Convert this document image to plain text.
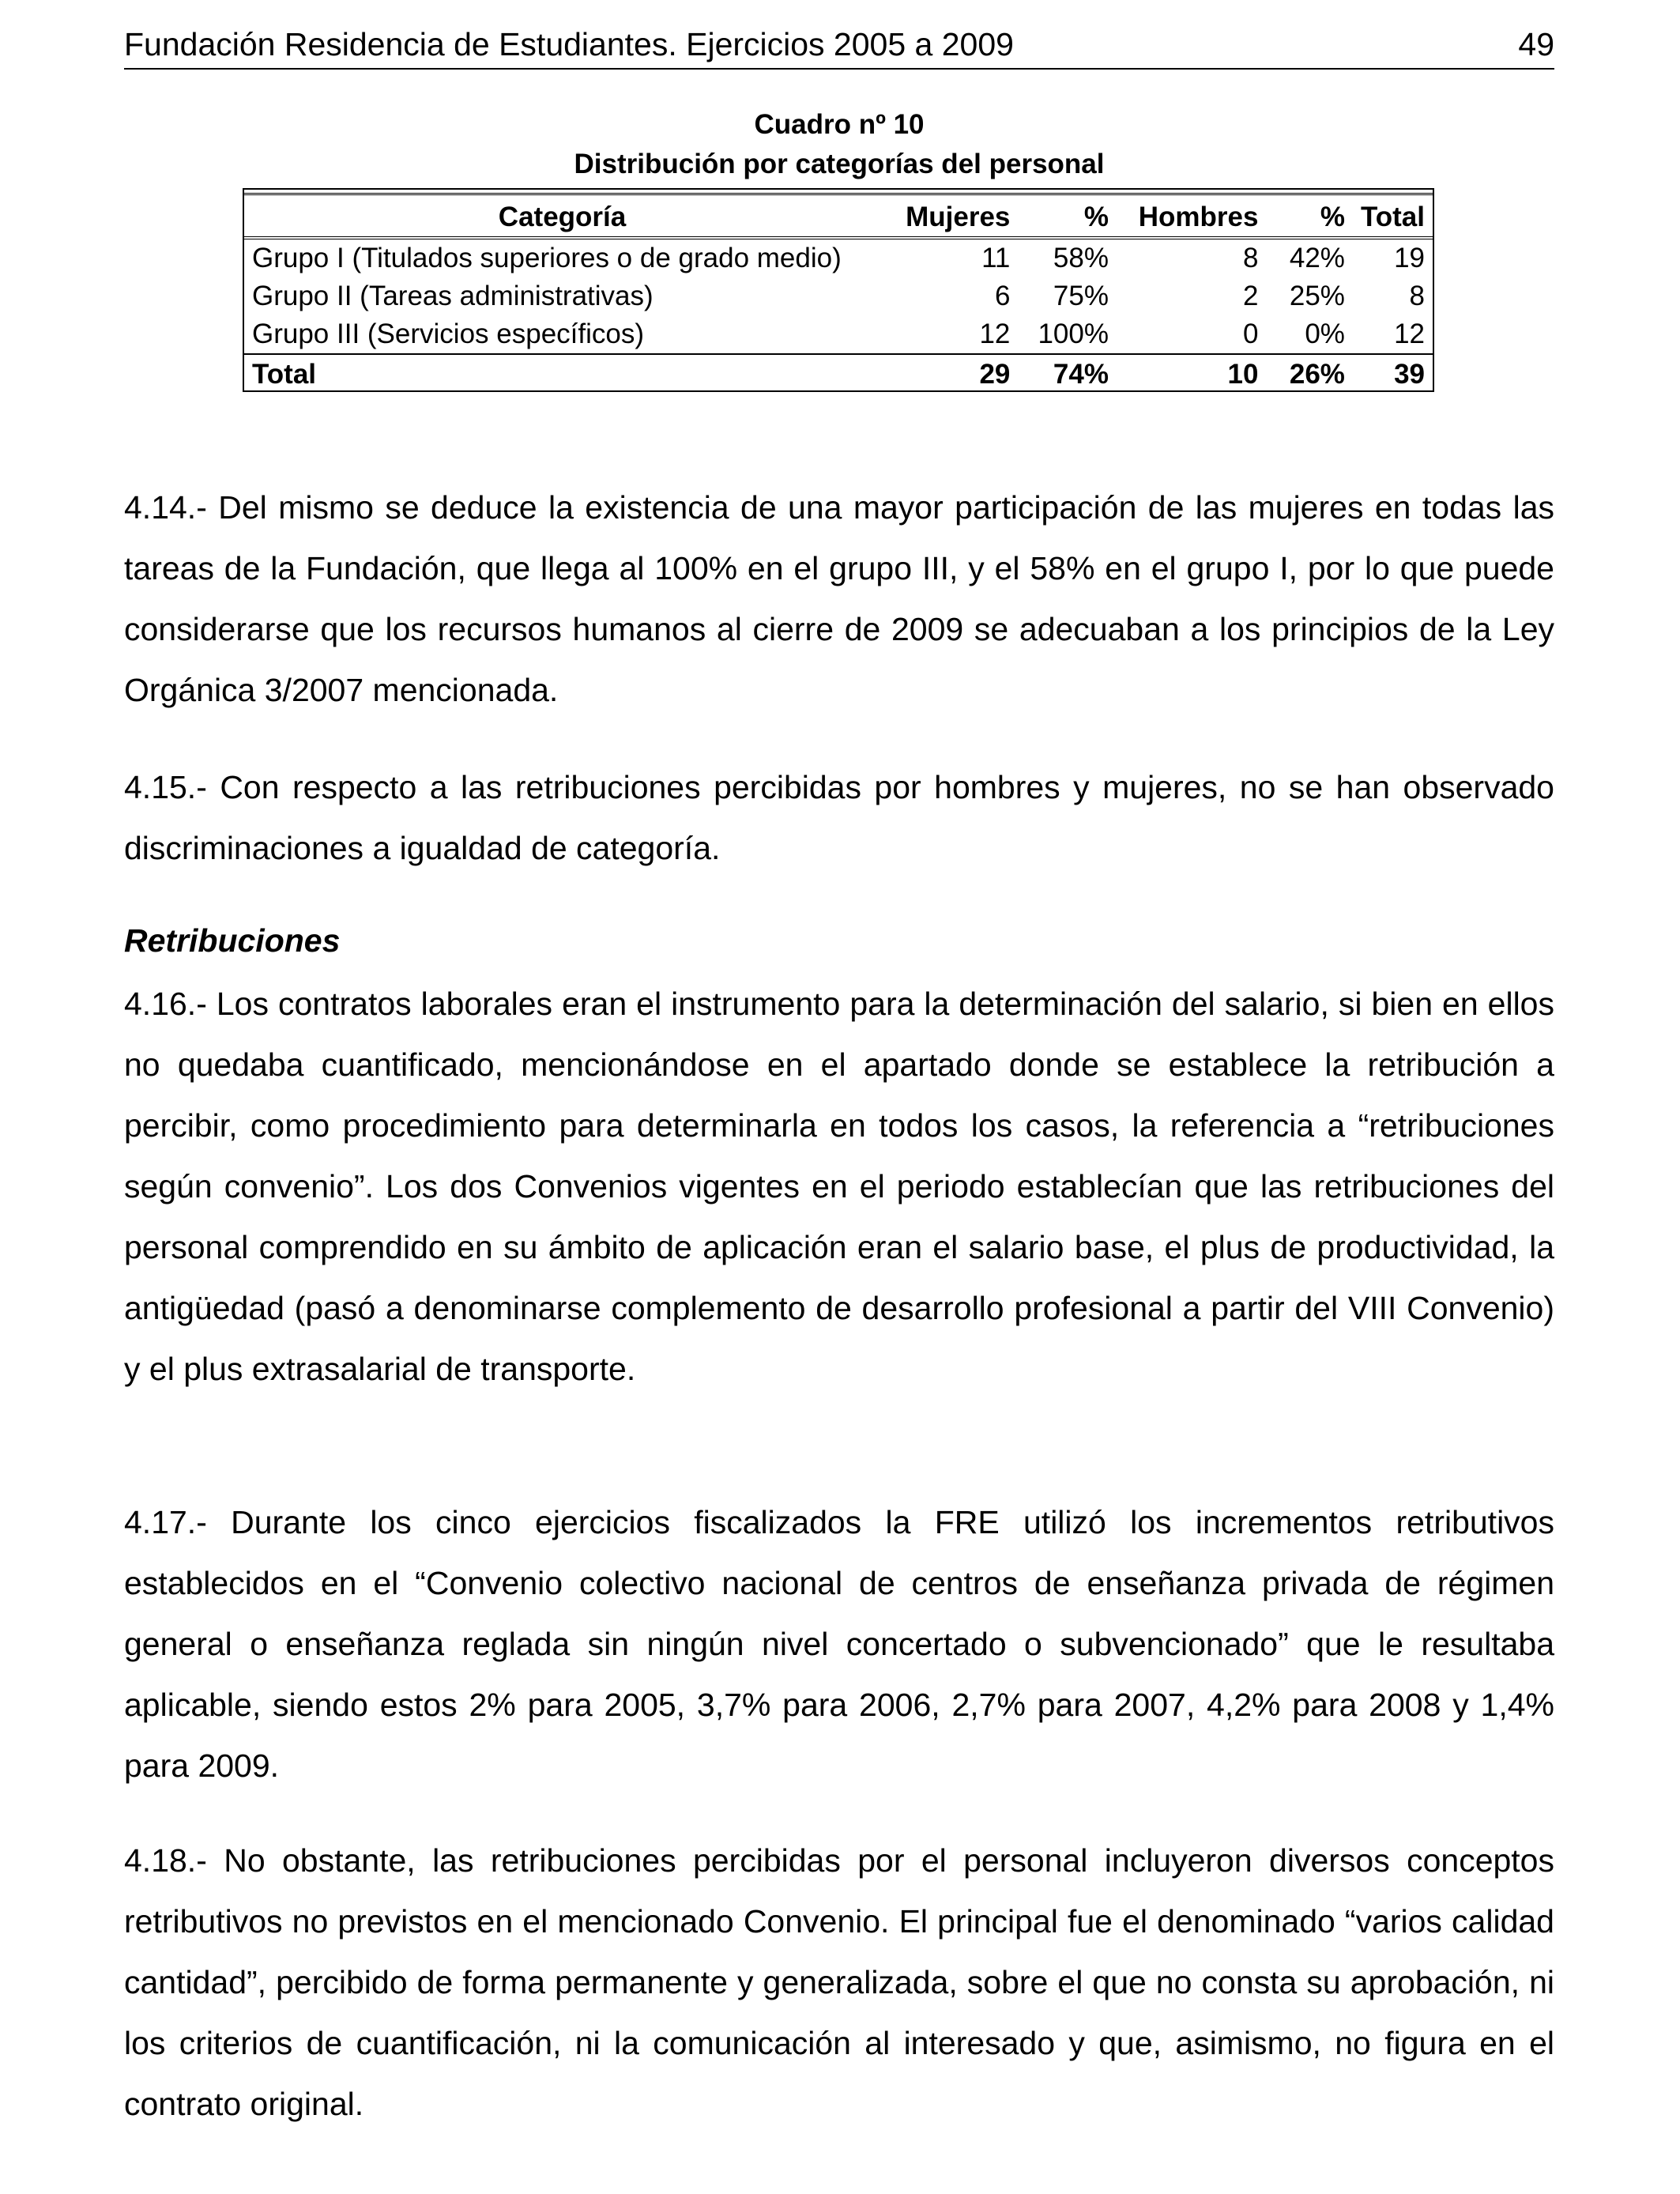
Fundación Residencia de Estudiantes. Ejercicios 2005 a 2009	49
Cuadro nº 10
Distribución por categorías del personal

Categoría	Mujeres	%	Hombres	%	Total
Grupo I (Titulados superiores o de grado medio)	11	58%	8	42%	19
Grupo II (Tareas administrativas)	6	75%	2	25%	8
Grupo III (Servicios específicos)	12	100%	0	0%	12
Total	29	74%	10	26%	39

4.14.- Del mismo se deduce la existencia de una mayor participación de las mujeres en todas las tareas de la Fundación, que llega al 100% en el grupo III, y el 58% en el grupo I, por lo que puede considerarse que los recursos humanos al cierre de 2009 se adecuaban a los principios de la Ley Orgánica 3/2007 mencionada.

4.15.- Con respecto a las retribuciones percibidas por hombres y mujeres, no se han observado discriminaciones a igualdad de categoría.

Retribuciones

4.16.- Los contratos laborales eran el instrumento para la determinación del salario, si bien en ellos no quedaba cuantificado, mencionándose en el apartado donde se establece la retribución a percibir, como procedimiento para determinarla en todos los casos, la referencia a “retribuciones según convenio”. Los dos Convenios vigentes en el periodo establecían que las retribuciones del personal comprendido en su ámbito de aplicación eran el salario base, el plus de productividad, la antigüedad (pasó a denominarse complemento de desarrollo profesional a partir del VIII Convenio) y el plus extrasalarial de transporte.

4.17.- Durante los cinco ejercicios fiscalizados la FRE utilizó los incrementos retributivos establecidos en el “Convenio colectivo nacional de centros de enseñanza privada de régimen general o enseñanza reglada sin ningún nivel concertado o subvencionado” que le resultaba aplicable, siendo estos 2% para 2005, 3,7% para 2006, 2,7% para 2007, 4,2% para 2008 y 1,4% para 2009.

4.18.- No obstante, las retribuciones percibidas por el personal incluyeron diversos conceptos retributivos no previstos en el mencionado Convenio. El principal fue el denominado “varios calidad cantidad”, percibido de forma permanente y generalizada, sobre el que no consta su aprobación, ni los criterios de cuantificación, ni la comunicación al interesado y que, asimismo, no figura en el contrato original.
